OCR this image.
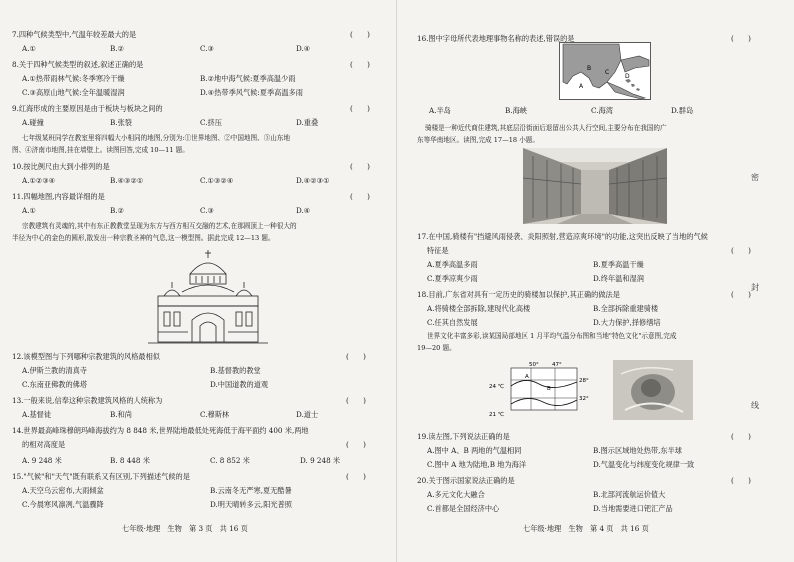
7.四种气候类型中,气温年较差最大的是	(　　)
A.①	B.②	C.③	D.④
8.关于四种气候类型的叙述,叙述正确的是	(　　)
A.①热带雨林气候:冬季寒冷干燥	B.②地中海气候:夏季高温少雨
C.③高原山地气候:全年温暖湿润	D.④热带季风气候:夏季高温多雨
9.红海形成的主要原因是由于板块与板块之间的	(　　)
A.碰撞	B.张裂	C.挤压	D.重叠
七年级某班同学在教室里将四幅大小相同的地图,分别为:①世界地图、②中国地图、③山东地
图、④济南市地图,挂在墙壁上。读图回答,完成 10—11 题。
10.按比例尺由大到小排列的是	(　　)
A.①②③④	B.④③②①	C.①③②④	D.④②③①
11.四幅地图,内容最详细的是	(　　)
A.①	B.②	C.③	D.④
宗教建筑有灵魂的,其中有东正教教堂呈现为东方与西方相互交融的艺术,在那圆顶上一种很大的
半径为中心的金色的圆形,散发出一种宗教圣神的气息,这一模型图。据此完成 12—13 题。
12.该模型图与下列哪种宗教建筑的风格最相似	(　　)
A.伊斯兰教的清真寺	B.基督教的教堂
C.东南亚佛教的佛塔	D.中国道教的道观
13.一般来说,信奉这种宗教建筑风格的人统称为	(　　)
A.基督徒	B.和尚	C.穆斯林	D.道士
14.世界最高峰珠穆朗玛峰海拔约为 8 848 米,世界陆地最低处死海低于海平面约 400 米,两地
的相对高度是	(　　)
A. 9 248 米	B. 8 448 米	C. 8 852 米	D. 9 248 米
15."气候"和"天气"既有联系又有区别,下列描述气候的是	(　　)
A.天空乌云密布,大雨倾盆	B.云南冬无严寒,夏无酷暑
C.今晨寒风凛冽,气温骤降	D.明天晴转多云,阳光普照
七年级·地理　生物　第 3 页　共 16 页
16.图中字母所代表地理事物名称的表述,错误的是	(　　)
A
B
C
D
A.半岛	B.海峡	C.海湾	D.群岛
骑楼是一种近代商住建筑,其底层沿街面后退留出公共人行空间,主要分布在我国的广
东等华南地区。读图,完成 17—18 小题。
17.在中国,骑楼有"挡避风雨侵袭、炎阳照射,营造凉爽环境"的功能,这突出反映了当地的气候
特征是	(　　)
A.夏季高温多雨	B.夏季高温干燥
C.夏季凉爽少雨	D.终年温和湿润
18.目前,广东省对具有一定历史的骑楼加以保护,其正确的做法是	(　　)
A.将骑楼全部拆除,建现代化高楼	B.全部拆除重建骑楼
C.任其自然发展	D.大力保护,择修缮培
世界文化丰富多彩,读某国局部地区 1 月平均气温分布图和当地"特色文化"示意图,完成
19—20 题。
50° 47°
24 ℃
21 ℃
28°
32°
A
B
19.读左图,下列说法正确的是	(　　)
A.图中 A、B 两地的气温相同	B.图示区域地处热带,东半球
C.图中 A 地为陆地,B 地为海洋	D.气温变化与纬度变化规律一致
20.关于图示国家说法正确的是	(　　)
A.多元文化大融合	B.北部河流航运价值大
C.首都是全国经济中心	D.当地需要进口钯汇产品
七年级·地理　生物　第 4 页　共 16 页
密
封
线
